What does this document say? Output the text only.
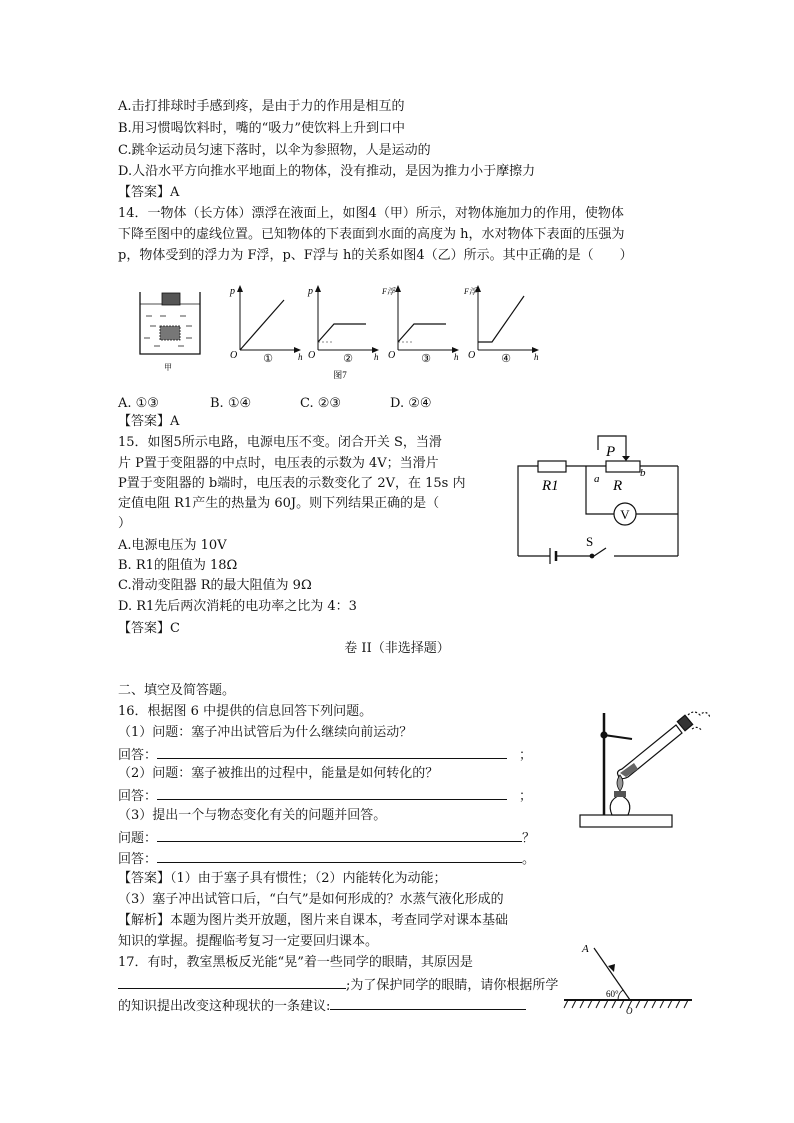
A.击打排球时手感到疼，是由于力的作用是相互的
B.用习惯喝饮料时，嘴的“吸力”使饮料上升到口中
C.跳伞运动员匀速下落时，以伞为参照物，人是运动的
D.人沿水平方向推水平地面上的物体，没有推动，是因为推力小于摩擦力
【答案】A
14．一物体（长方体）漂浮在液面上，如图4（甲）所示，对物体施加力的作用，使物体
下降至图中的虚线位置。已知物体的下表面到水面的高度为 h，水对物体下表面的压强为
p，物体受到的浮力为 F浮，p、F浮与 h的关系如图4（乙）所示。其中正确的是（　　）
甲
p
O	h
①
p
O	h
②
F浮
O	h
③
F浮
O	h
④
图7
A. ①③	B. ①④	C. ②③	D. ②④
【答案】A
15．如图5所示电路，电源电压不变。闭合开关 S，当滑
片 P置于变阻器的中点时，电压表的示数为 4V；当滑片
P置于变阻器的 b端时，电压表的示数变化了 2V，在 15s 内
定值电阻 R1产生的热量为 60J。则下列结果正确的是（
）
A.电源电压为 10V
B. R1的阻值为 18Ω
C.滑动变阻器 R的最大阻值为 9Ω
D. R1先后两次消耗的电功率之比为 4：3
【答案】C
P
a	b
R1	R
V
S
卷 II（非选择题）
二、填空及简答题。
16．根据图 6 中提供的信息回答下列问题。
（1）问题：塞子冲出试管后为什么继续向前运动？
回答：	；
（2）问题：塞子被推出的过程中，能量是如何转化的？
回答：	；
（3）提出一个与物态变化有关的问题并回答。
问题：	？
回答：	。
【答案】（1）由于塞子具有惯性；（2）内能转化为动能；
（3）塞子冲出试管口后，“白气”是如何形成的？水蒸气液化形成的
【解析】本题为图片类开放题，图片来自课本，考查同学对课本基础
知识的掌握。提醒临考复习一定要回归课本。
17．有时，教室黑板反光能“晃”着一些同学的眼睛，其原因是
;为了保护同学的眼睛，请你根据所学
的知识提出改变这种现状的一条建议:
A
60°
O
